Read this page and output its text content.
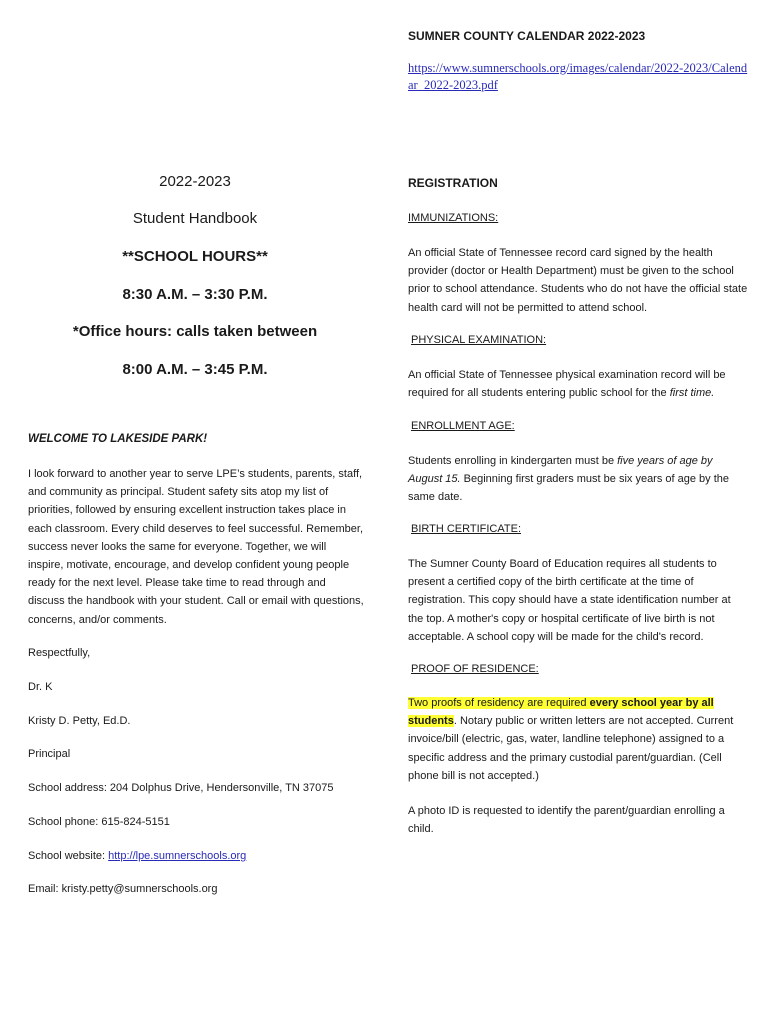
2022-2023
Student Handbook
**SCHOOL HOURS**
8:30 A.M. – 3:30 P.M.
*Office hours: calls taken between
8:00 A.M. – 3:45 P.M.
WELCOME TO LAKESIDE PARK!
I look forward to another year to serve LPE’s students, parents, staff, and community as principal. Student safety sits atop my list of priorities, followed by ensuring excellent instruction takes place in each classroom. Every child deserves to feel successful. Remember, success never looks the same for everyone. Together, we will inspire, motivate, encourage, and develop confident young people ready for the next level. Please take time to read through and discuss the handbook with your student. Call or email with questions, concerns, and/or comments.
Respectfully,
Dr. K
Kristy D. Petty, Ed.D.
Principal
School address: 204 Dolphus Drive, Hendersonville, TN 37075
School phone: 615-824-5151
School website: http://lpe.sumnerschools.org
Email: kristy.petty@sumnerschools.org
SUMNER COUNTY CALENDAR 2022-2023
https://www.sumnerschools.org/images/calendar/2022-2023/Calendar_2022-2023.pdf
REGISTRATION
IMMUNIZATIONS:
An official State of Tennessee record card signed by the health provider (doctor or Health Department) must be given to the school prior to school attendance. Students who do not have the official state health card will not be permitted to attend school.
PHYSICAL EXAMINATION:
An official State of Tennessee physical examination record will be required for all students entering public school for the first time.
ENROLLMENT AGE:
Students enrolling in kindergarten must be five years of age by August 15. Beginning first graders must be six years of age by the same date.
BIRTH CERTIFICATE:
The Sumner County Board of Education requires all students to present a certified copy of the birth certificate at the time of registration. This copy should have a state identification number at the top. A mother's copy or hospital certificate of live birth is not acceptable. A school copy will be made for the child's record.
PROOF OF RESIDENCE:
Two proofs of residency are required every school year by all students. Notary public or written letters are not accepted. Current invoice/bill (electric, gas, water, landline telephone) assigned to a specific address and the primary custodial parent/guardian. (Cell phone bill is not accepted.)
A photo ID is requested to identify the parent/guardian enrolling a child.
